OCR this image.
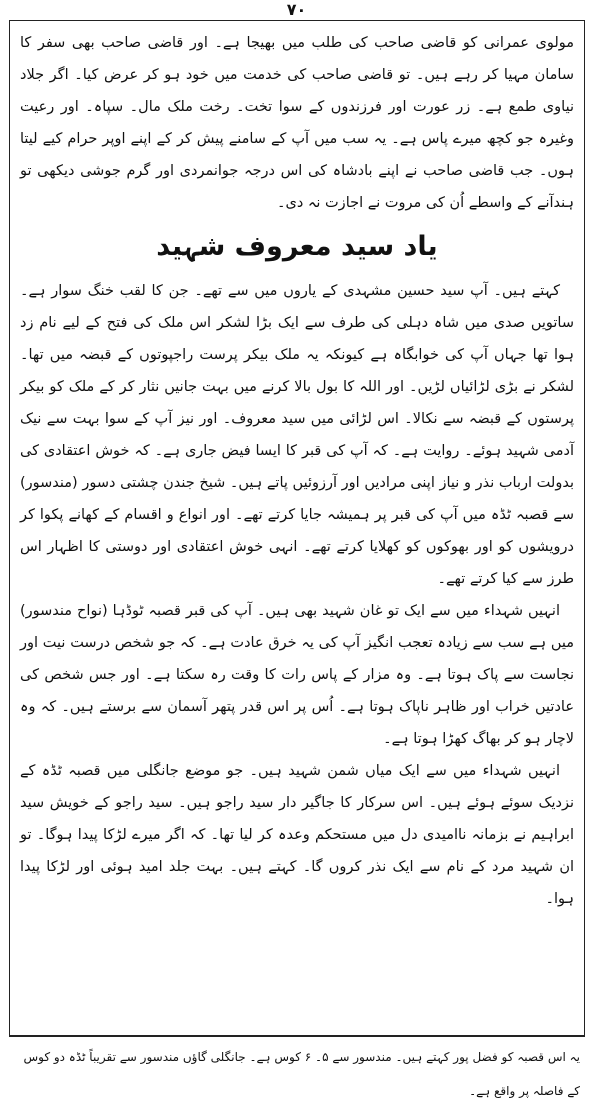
٧٠

مولوی عمرانی کو قاضی صاحب کی طلب میں بھیجا ہے۔ اور قاضی صاحب بھی سفر کا سامان مہیا کر رہے ہیں۔ تو قاضی صاحب کی خدمت میں خود ہو کر عرض کیا۔ اگر جلاد نیاوی طمع ہے۔ زر عورت اور فرزندوں کے سوا تخت۔ رخت ملک مال۔ سپاہ۔ اور رعیت وغیرہ جو کچھ میرے پاس ہے۔ یہ سب میں آپ کے سامنے پیش کر کے اپنے اوپر حرام کیے لیتا ہوں۔ جب قاضی صاحب نے اپنے بادشاہ کی اس درجہ جوانمردی اور گرم جوشی دیکھی تو ہندآنے کے واسطے اُن کی مروت نے اجازت نہ دی۔

یاد سید معروف شہید

کہتے ہیں۔ آپ سید حسین مشہدی کے یاروں میں سے تھے۔ جن کا لقب خنگ سوار ہے۔ ساتویں صدی میں شاہ دہلی کی طرف سے ایک بڑا لشکر اس ملک کی فتح کے لیے نام زد ہوا تھا جہاں آپ کی خوابگاہ ہے کیونکہ یہ ملک بیکر پرست راجپوتوں کے قبضہ میں تھا۔ لشکر نے بڑی لڑائیاں لڑیں۔ اور اللہ کا بول بالا کرنے میں بہت جانیں نثار کر کے ملک کو بیکر پرستوں کے قبضہ سے نکالا۔ اس لڑائی میں سید معروف۔ اور نیز آپ کے سوا بہت سے نیک آدمی شہید ہوئے۔ روایت ہے۔ کہ آپ کی قبر کا ایسا فیض جاری ہے۔ کہ خوش اعتقادی کی بدولت ارباب نذر و نیاز اپنی مرادیں اور آرزوئیں پاتے ہیں۔ شیخ جندن چشتی دسور (مندسور) سے قصبہ ٹڈہ میں آپ کی قبر پر ہمیشہ جایا کرتے تھے۔ اور انواع و اقسام کے کھانے پکوا کر درویشوں کو اور بھوکوں کو کھلایا کرتے تھے۔ انہی خوش اعتقادی اور دوستی کا اظہار اس طرز سے کیا کرتے تھے۔

انہیں شہداء میں سے ایک تو غان شہید بھی ہیں۔ آپ کی قبر قصبہ ٹوڈہا (نواح مندسور) میں ہے سب سے زیادہ تعجب انگیز آپ کی یہ خرق عادت ہے۔ کہ جو شخص درست نیت اور نجاست سے پاک ہوتا ہے۔ وہ مزار کے پاس رات کا وقت رہ سکتا ہے۔ اور جس شخص کی عادتیں خراب اور ظاہر ناپاک ہوتا ہے۔ اُس پر اس قدر پتھر آسمان سے برستے ہیں۔ کہ وہ لاچار ہو کر بھاگ کھڑا ہوتا ہے۔

انہیں شہداء میں سے ایک میاں شمن شہید ہیں۔ جو موضع جانگلی میں قصبہ ٹڈہ کے نزدیک سوئے ہوئے ہیں۔ اس سرکار کا جاگیر دار سید راجو ہیں۔ سید راجو کے خویش سید ابراہیم نے بزمانہ ناامیدی دل میں مستحکم وعدہ کر لیا تھا۔ کہ اگر میرے لڑکا پیدا ہوگا۔ تو ان شہید مرد کے نام سے ایک نذر کروں گا۔ کہتے ہیں۔ بہت جلد امید ہوئی اور لڑکا پیدا ہوا۔

یہ اس قصبہ کو فضل پور کہتے ہیں۔ مندسور سے ۵۔ ۶ کوس ہے۔ جانگلی گاؤں مندسور سے تقریباً ٹڈہ دو کوس کے فاصلہ پر واقع ہے۔
